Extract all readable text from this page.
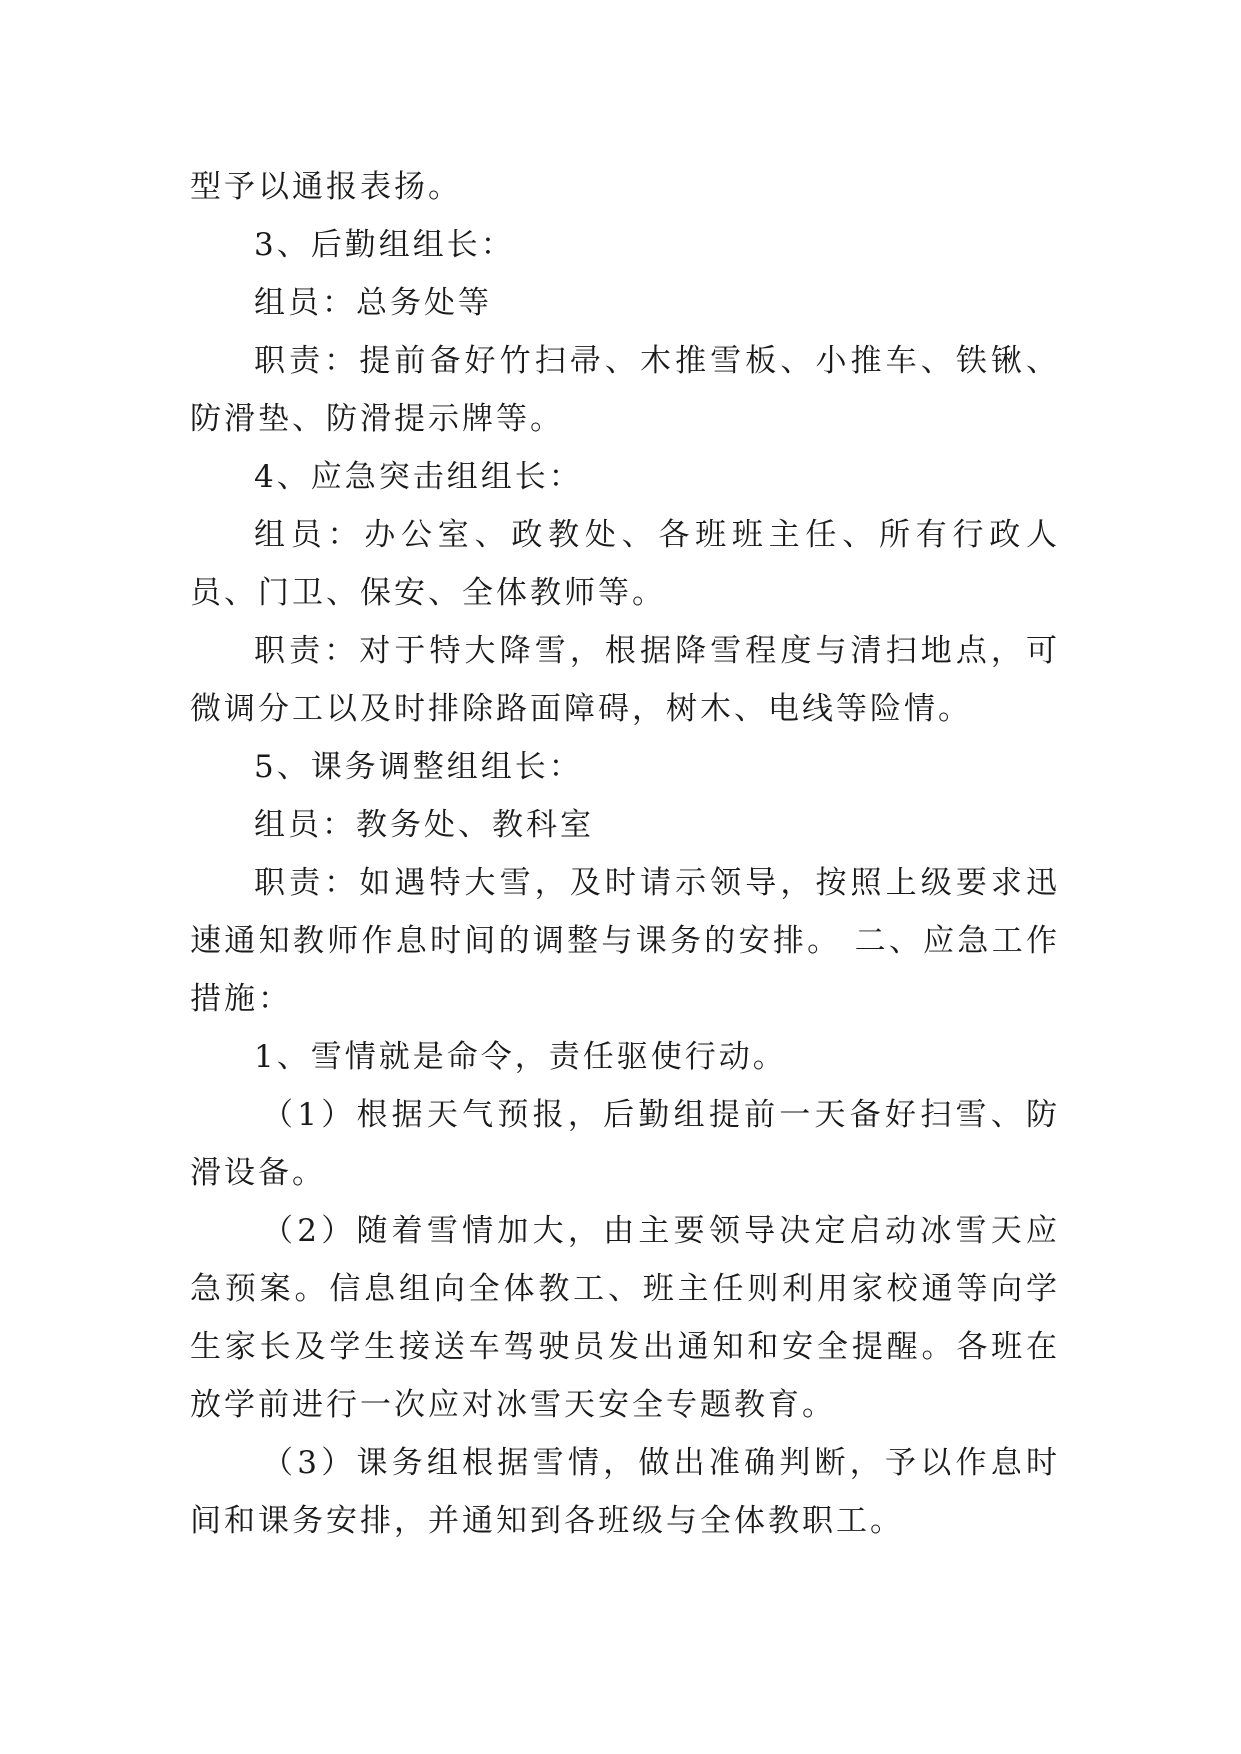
型予以通报表扬。

3、后勤组组长：

组员：总务处等

职责：提前备好竹扫帚、木推雪板、小推车、铁锹、防滑垫、防滑提示牌等。

4、应急突击组组长：

组员：办公室、政教处、各班班主任、所有行政人员、门卫、保安、全体教师等。

职责：对于特大降雪，根据降雪程度与清扫地点，可微调分工以及时排除路面障碍，树木、电线等险情。

5、课务调整组组长：

组员：教务处、教科室

职责：如遇特大雪，及时请示领导，按照上级要求迅速通知教师作息时间的调整与课务的安排。 二、应急工作措施：

1、雪情就是命令，责任驱使行动。

（1）根据天气预报，后勤组提前一天备好扫雪、防滑设备。

（2）随着雪情加大，由主要领导决定启动冰雪天应急预案。信息组向全体教工、班主任则利用家校通等向学生家长及学生接送车驾驶员发出通知和安全提醒。各班在放学前进行一次应对冰雪天安全专题教育。

（3）课务组根据雪情，做出准确判断，予以作息时间和课务安排，并通知到各班级与全体教职工。
